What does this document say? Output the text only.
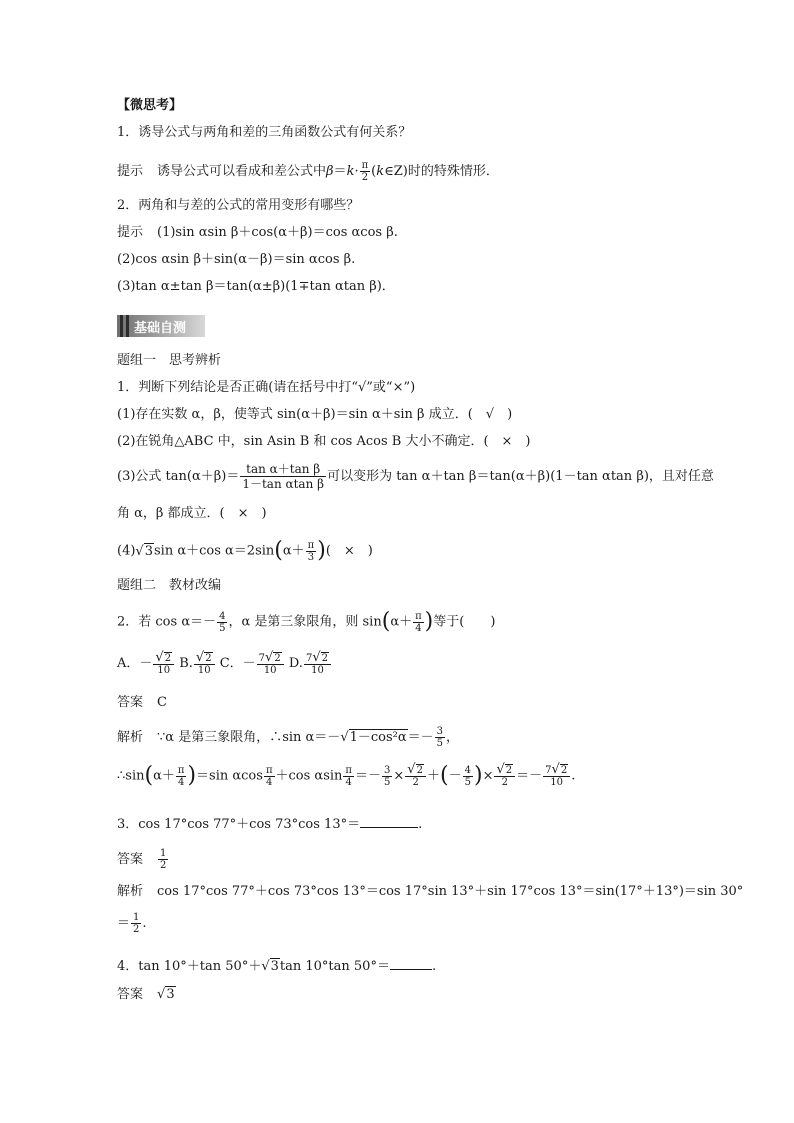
【微思考】
1．诱导公式与两角和差的三角函数公式有何关系？
提示 诱导公式可以看成和差公式中$\beta=k\cdot \frac{\pi}{2}$ (k∈Z)时的特殊情形．
2．两角和与差的公式的常用变形有哪些？
提示 (1)sin αsin β＋cos(α＋β)＝cos αcos β.
(2)cos αsin β＋sin(α－β)＝sin αcos β.
(3)tan α±tan β＝tan(α±β)(1∓tan αtan β)．
基础自测
题组一　思考辨析
1．判断下列结论是否正确(请在括号中打“√”或“×”)
(1)存在实数 α，β，使等式 sin(α＋β)＝sin α＋sin β 成立．(　√　)
(2)在锐角△ABC 中，sin Asin B 和 cos Acos B 大小不确定．(　×　)
(3)公式 $\tan(\alpha+\beta)= \frac{\text{tan α＋tan β}}{\text{1－tan αtan β}}$ 可以变形为 tan α＋tan β＝tan(α＋β)(1－tan αtan β)，且对任意
角 α，β 都成立．(　×　)
(4)√3sin α＋cos $\alpha=2\sin(\alpha+ \frac{\pi}{3}$ )(　×　)
题组二　教材改编
2．若 $\cos \alpha=- \frac{4}{5}$ ，α 是第三象限角，则 $\sin(\alpha+ \frac{\pi}{4}$ )等于(　　)
A．－ $\frac{√2}{10} B$. $\frac{√2}{10}$ C．－ $\frac{7√2}{10} D$. $\frac{7√2}{10}$
答案 C
解析 ∵α 是第三象限角，∴sin $\alpha=-√1-\cos^2\alpha=- \frac{3}{5}$ ，
∴sin(α＋ $\frac{\pi}{4} )=\sin$ αcos $\frac{\pi}{4} +\cos$ αsin $\frac{\pi}{4} =- \frac{3}{5} \times \frac{√2}{2}$ ＋(－ $\frac{4}{5}$ )× $\frac{√2}{2} =- \frac{7√2}{10}$ .
3．cos 17°cos 77°＋cos 73°cos 13°＝	.
答案 $\frac{1}{2}$
解析 cos 17°cos 77°＋cos 73°cos 13°＝cos 17°sin 13°＋sin 17°cos 13°＝sin(17°＋13°)＝sin 30°
＝ $\frac{1}{2}$ .
4．tan 10°＋tan 50°＋√3tan 10°tan 50°＝	.
答案 √3
